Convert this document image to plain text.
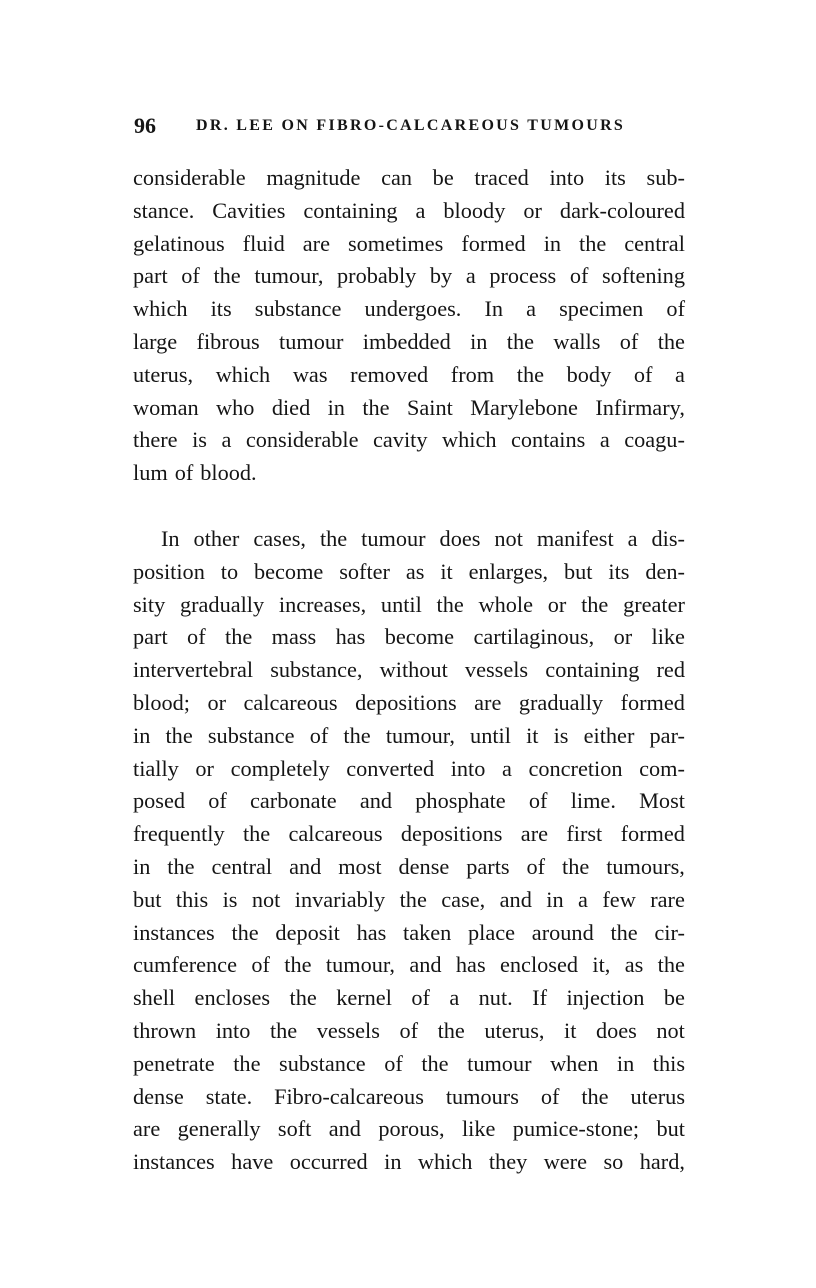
96	DR. LEE ON FIBRO-CALCAREOUS TUMOURS
considerable magnitude can be traced into its sub-
stance. Cavities containing a bloody or dark-coloured
gelatinous fluid are sometimes formed in the central
part of the tumour, probably by a process of softening
which its substance undergoes. In a specimen of
large fibrous tumour imbedded in the walls of the
uterus, which was removed from the body of a
woman who died in the Saint Marylebone Infirmary,
there is a considerable cavity which contains a coagu-
lum of blood.
In other cases, the tumour does not manifest a dis-
position to become softer as it enlarges, but its den-
sity gradually increases, until the whole or the greater
part of the mass has become cartilaginous, or like
intervertebral substance, without vessels containing red
blood; or calcareous depositions are gradually formed
in the substance of the tumour, until it is either par-
tially or completely converted into a concretion com-
posed of carbonate and phosphate of lime. Most
frequently the calcareous depositions are first formed
in the central and most dense parts of the tumours,
but this is not invariably the case, and in a few rare
instances the deposit has taken place around the cir-
cumference of the tumour, and has enclosed it, as the
shell encloses the kernel of a nut. If injection be
thrown into the vessels of the uterus, it does not
penetrate the substance of the tumour when in this
dense state. Fibro-calcareous tumours of the uterus
are generally soft and porous, like pumice-stone; but
instances have occurred in which they were so hard,
